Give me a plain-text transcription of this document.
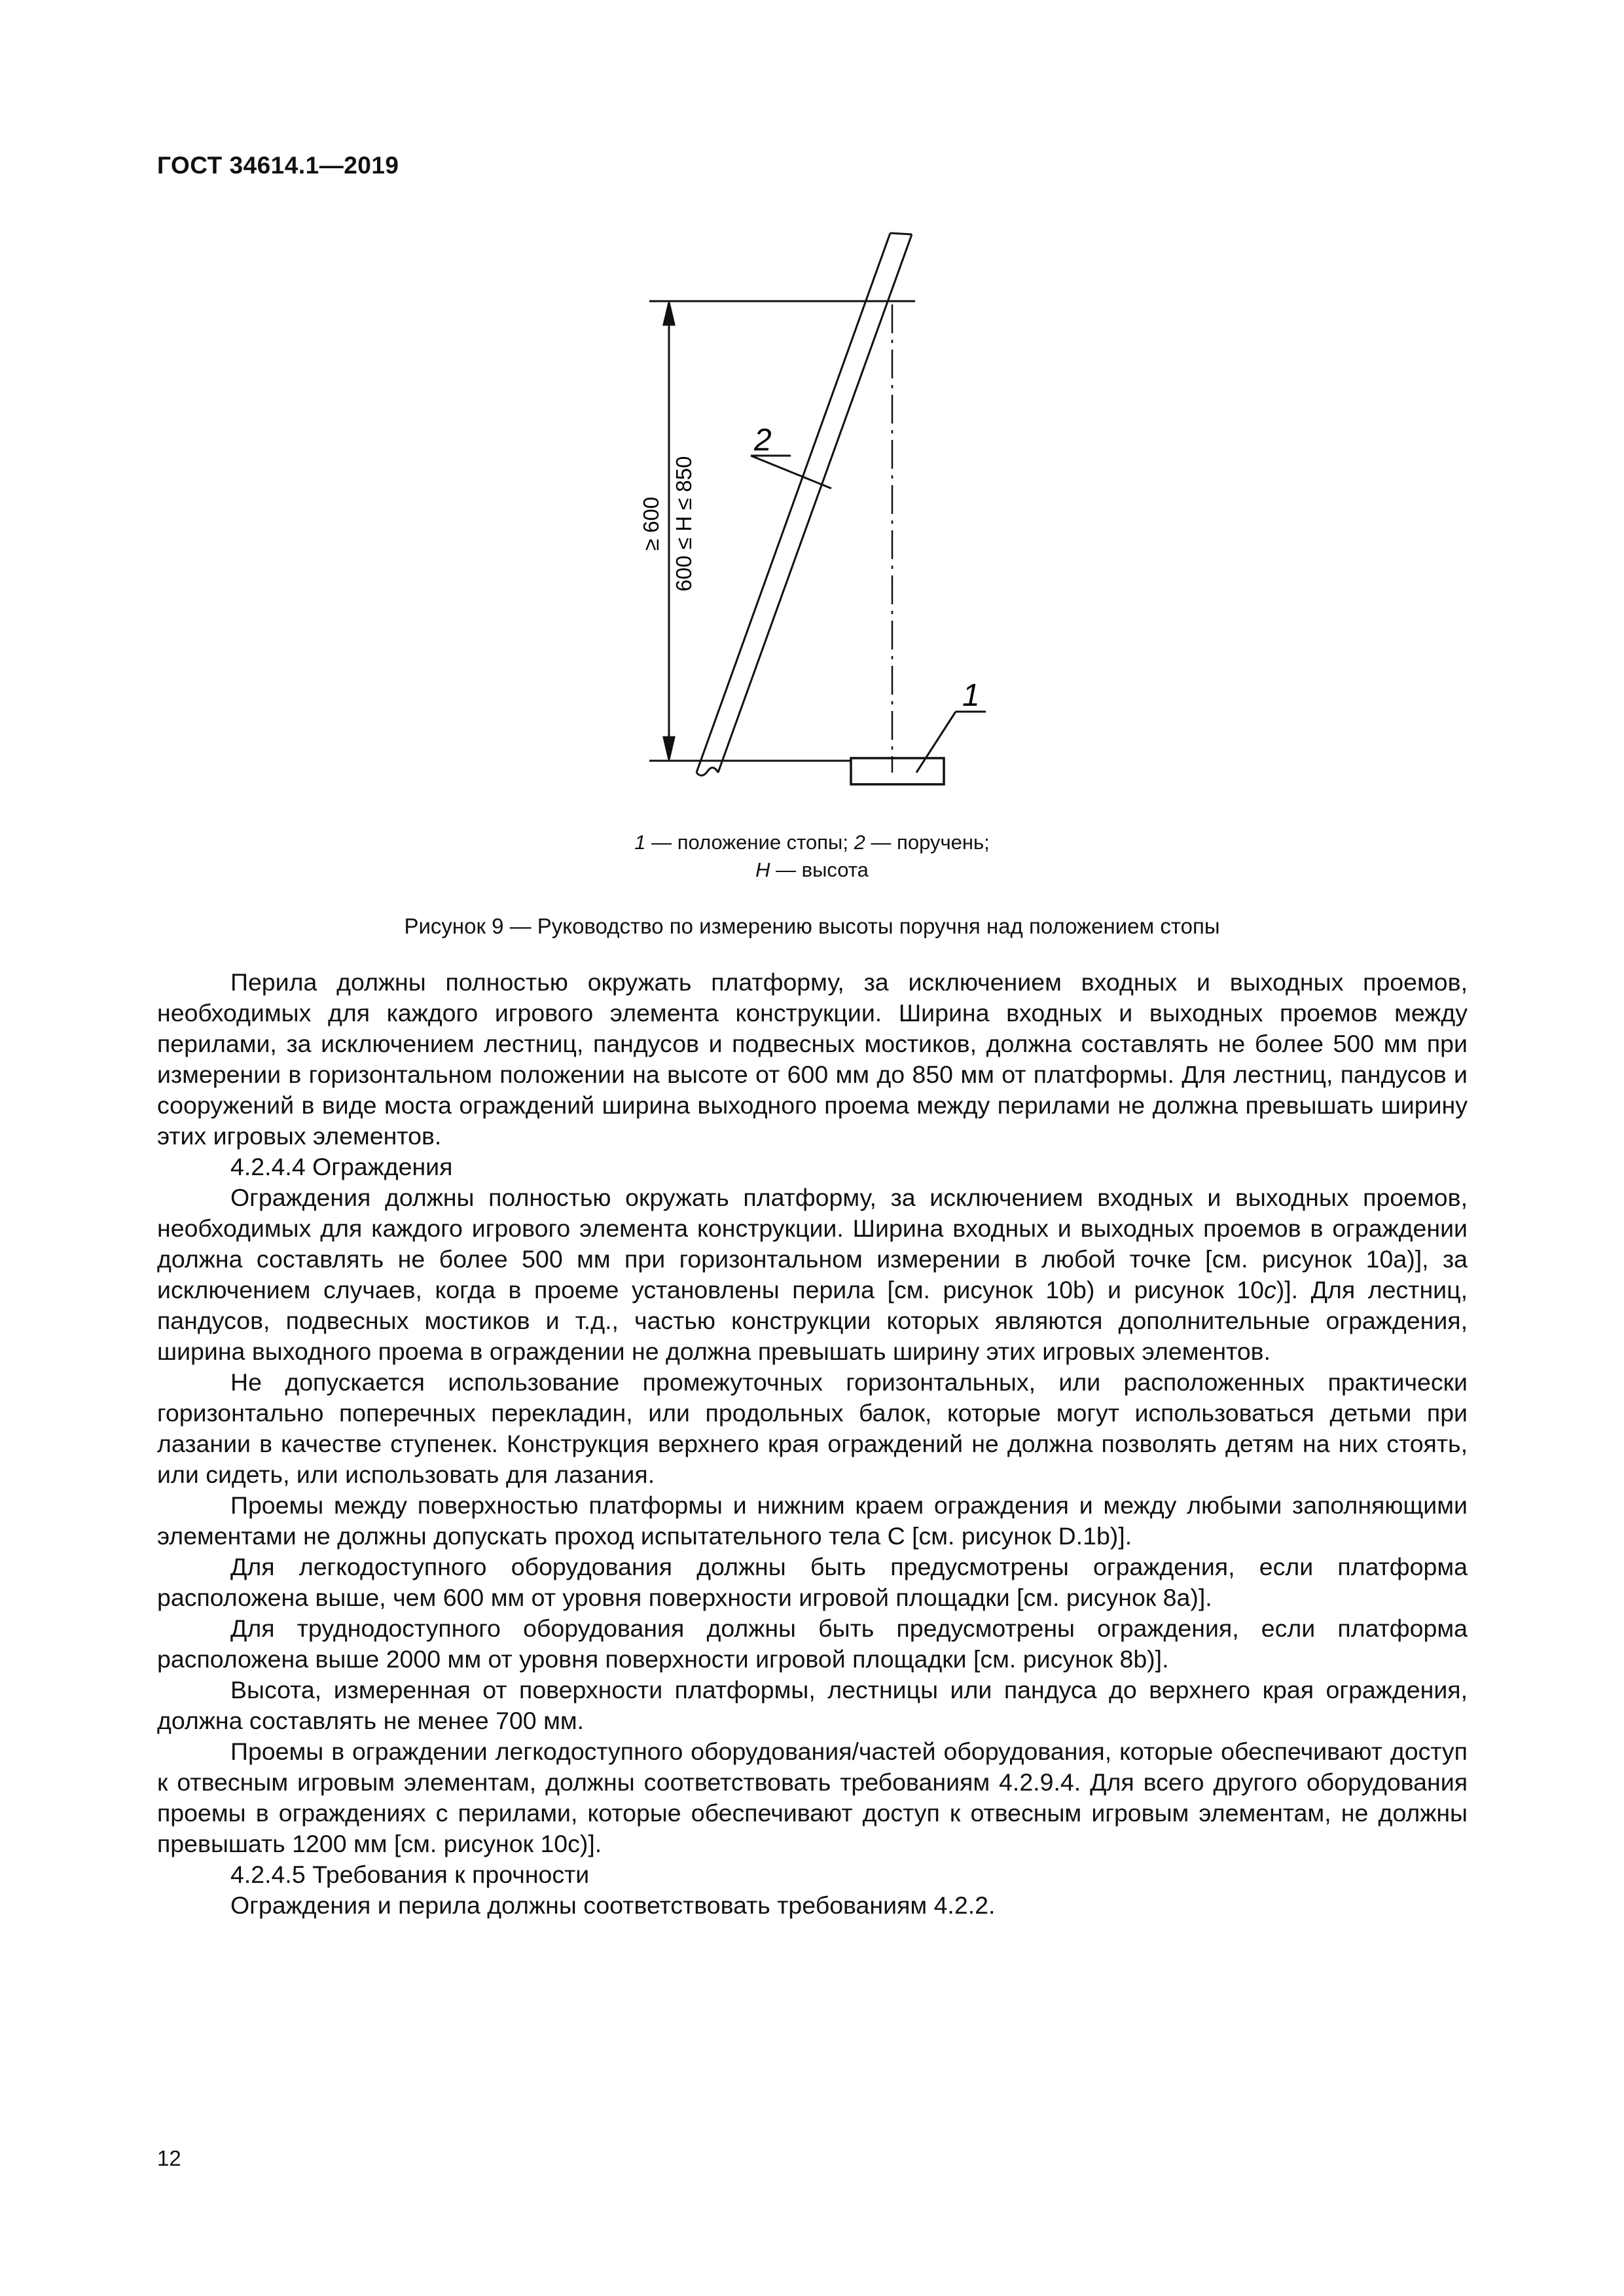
ГОСТ 34614.1—2019
≥ 600 600 ≤ H ≤ 850
2
1
1 — положение стопы; 2 — поручень;
H — высота
Рисунок 9 — Руководство по измерению высоты поручня над положением стопы

Перила должны полностью окружать платформу, за исключением входных и выходных проемов, необходимых для каждого игрового элемента конструкции. Ширина входных и выходных проемов между перилами, за исключением лестниц, пандусов и подвесных мостиков, должна составлять не более 500 мм при измерении в горизонтальном положении на высоте от 600 мм до 850 мм от платформы. Для лестниц, пандусов и сооружений в виде моста ограждений ширина выходного проема между перилами не должна превышать ширину этих игровых элементов.

4.2.4.4 Ограждения

Ограждения должны полностью окружать платформу, за исключением входных и выходных проемов, необходимых для каждого игрового элемента конструкции. Ширина входных и выходных проемов в ограждении должна составлять не более 500 мм при горизонтальном измерении в любой точке [см. рисунок 10a)], за исключением случаев, когда в проеме установлены перила [см. рисунок 10b) и рисунок 10c)]. Для лестниц, пандусов, подвесных мостиков и т.д., частью конструкции которых являются дополнительные ограждения, ширина выходного проема в ограждении не должна превышать ширину этих игровых элементов.

Не допускается использование промежуточных горизонтальных, или расположенных практически горизонтально поперечных перекладин, или продольных балок, которые могут использоваться детьми при лазании в качестве ступенек. Конструкция верхнего края ограждений не должна позволять детям на них стоять, или сидеть, или использовать для лазания.

Проемы между поверхностью платформы и нижним краем ограждения и между любыми заполняющими элементами не должны допускать проход испытательного тела С [см. рисунок D.1b)].

Для легкодоступного оборудования должны быть предусмотрены ограждения, если платформа расположена выше, чем 600 мм от уровня поверхности игровой площадки [см. рисунок 8a)].

Для труднодоступного оборудования должны быть предусмотрены ограждения, если платформа расположена выше 2000 мм от уровня поверхности игровой площадки [см. рисунок 8b)].

Высота, измеренная от поверхности платформы, лестницы или пандуса до верхнего края ограждения, должна составлять не менее 700 мм.

Проемы в ограждении легкодоступного оборудования/частей оборудования, которые обеспечивают доступ к отвесным игровым элементам, должны соответствовать требованиям 4.2.9.4. Для всего другого оборудования проемы в ограждениях с перилами, которые обеспечивают доступ к отвесным игровым элементам, не должны превышать 1200 мм [см. рисунок 10c)].

4.2.4.5 Требования к прочности

Ограждения и перила должны соответствовать требованиям 4.2.2.

12
